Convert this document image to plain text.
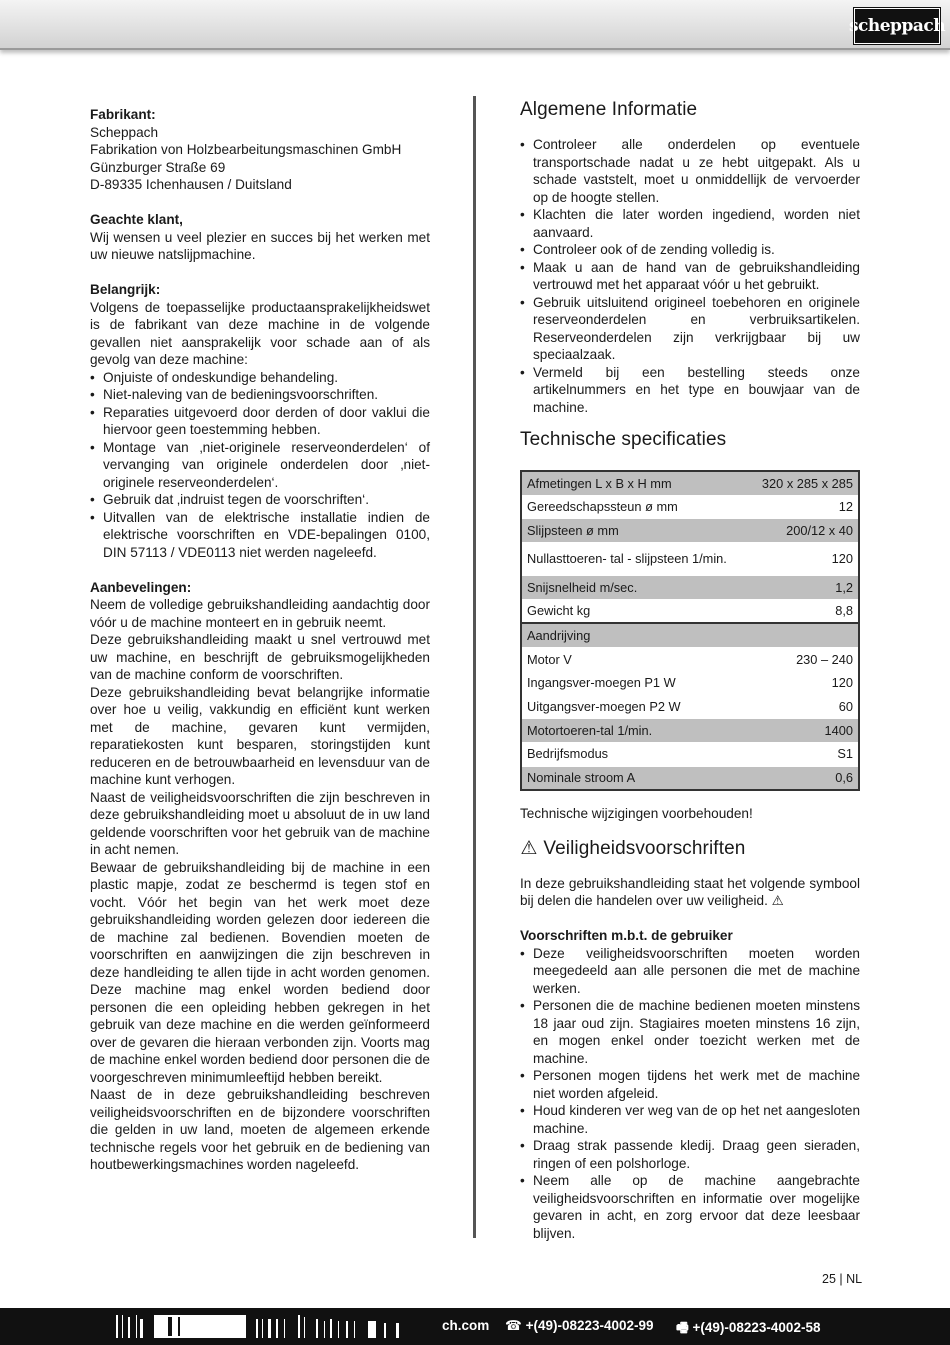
scheppach
Fabrikant:
Scheppach
Fabrikation von Holzbearbeitungsmaschinen GmbH
Günzburger Straße 69
D-89335 Ichenhausen / Duitsland
Geachte klant,
Wij wensen u veel plezier en succes bij het werken met uw nieuwe natslijpmachine.
Belangrijk:
Volgens de toepasselijke productaansprakelijkheidswet is de fabrikant van deze machine in de volgende gevallen niet aansprakelijk voor schade aan of als gevolg van deze machine:
• Onjuiste of ondeskundige behandeling.
• Niet-naleving van de bedieningsvoorschriften.
• Reparaties uitgevoerd door derden of door vaklui die hiervoor geen toestemming hebben.
• Montage van ‚niet-originele reserveonderdelen‘ of vervanging van originele onderdelen door ‚niet-originele reserveonderdelen‘.
• Gebruik dat ‚indruist tegen de voorschriften‘.
• Uitvallen van de elektrische installatie indien de elektrische voorschriften en VDE-bepalingen 0100, DIN 57113 / VDE0113 niet werden nageleefd.
Aanbevelingen:
Neem de volledige gebruikshandleiding aandachtig door vóór u de machine monteert en in gebruik neemt.
Deze gebruikshandleiding maakt u snel vertrouwd met uw machine, en beschrijft de gebruiksmogelijkheden van de machine conform de voorschriften.
Deze gebruikshandleiding bevat belangrijke informatie over hoe u veilig, vakkundig en efficiënt kunt werken met de machine, gevaren kunt vermijden, reparatiekosten kunt besparen, storingstijden kunt reduceren en de betrouwbaarheid en levensduur van de machine kunt verhogen.
Naast de veiligheidsvoorschriften die zijn beschreven in deze gebruikshandleiding moet u absoluut de in uw land geldende voorschriften voor het gebruik van de machine in acht nemen.
Bewaar de gebruikshandleiding bij de machine in een plastic mapje, zodat ze beschermd is tegen stof en vocht. Vóór het begin van het werk moet deze gebruikshandleiding worden gelezen door iedereen die de machine zal bedienen. Bovendien moeten de voorschriften en aanwijzingen die zijn beschreven in deze handleiding te allen tijde in acht worden genomen. Deze machine mag enkel worden bediend door personen die een opleiding hebben gekregen in het gebruik van deze machine en die werden geïnformeerd over de gevaren die hieraan verbonden zijn. Voorts mag de machine enkel worden bediend door personen die de voorgeschreven minimumleeftijd hebben bereikt.
Naast de in deze gebruikshandleiding beschreven veiligheidsvoorschriften en de bijzondere voorschriften die gelden in uw land, moeten de algemeen erkende technische regels voor het gebruik en de bediening van houtbewerkingsmachines worden nageleefd.
Algemene Informatie
• Controleer alle onderdelen op eventuele transportschade nadat u ze hebt uitgepakt. Als u schade vaststelt, moet u onmiddellijk de vervoerder op de hoogte stellen.
• Klachten die later worden ingediend, worden niet aanvaard.
• Controleer ook of de zending volledig is.
• Maak u aan de hand van de gebruikshandleiding vertrouwd met het apparaat vóór u het gebruikt.
• Gebruik uitsluitend origineel toebehoren en originele reserveonderdelen en verbruiksartikelen. Reserveonderdelen zijn verkrijgbaar bij uw speciaalzaak.
• Vermeld bij een bestelling steeds onze artikelnummers en het type en bouwjaar van de machine.
Technische specificaties
Afmetingen L x B x H mm	320 x 285 x 285
Gereedschapssteun ø mm	12
Slijpsteen ø mm	200/12 x 40
Nullasttoeren- tal - slijpsteen 1/min.	120
Snijsnelheid m/sec.	1,2
Gewicht kg	8,8
Aandrijving	
Motor V	230 – 240
Ingangsver-moegen P1 W	120
Uitgangsver-moegen P2 W	60
Motortoeren-tal 1/min.	1400
Bedrijfsmodus	S1
Nominale stroom A	0,6
Technische wijzigingen voorbehouden!
⚠ Veiligheidsvoorschriften
In deze gebruikshandleiding staat het volgende symbool bij delen die handelen over uw veiligheid. ⚠
Voorschriften m.b.t. de gebruiker
• Deze veiligheidsvoorschriften moeten worden meegedeeld aan alle personen die met de machine werken.
• Personen die de machine bedienen moeten minstens 18 jaar oud zijn. Stagiaires moeten minstens 16 zijn, en mogen enkel onder toezicht werken met de machine.
• Personen mogen tijdens het werk met de machine niet worden afgeleid.
• Houd kinderen ver weg van de op het net aangesloten machine.
• Draag strak passende kledij. Draag geen sieraden, ringen of een polshorloge.
• Neem alle op de machine aangebrachte veiligheidsvoorschriften en informatie over mogelijke gevaren in acht, en zorg ervoor dat deze leesbaar blijven.
25 | NL
ch.com ☎ +(49)-08223-4002-99 🖷 +(49)-08223-4002-58
